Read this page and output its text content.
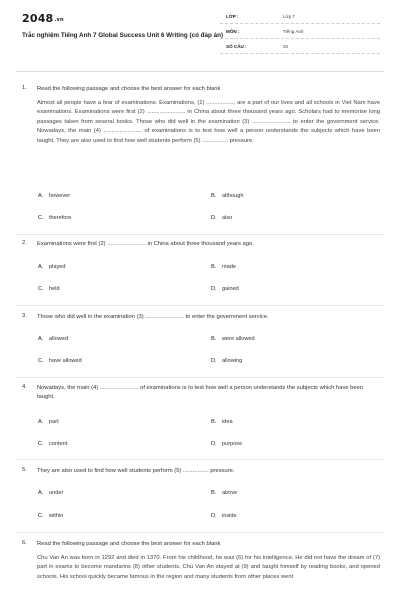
2048.vn
Trắc nghiệm Tiếng Anh 7 Global Success Unit 6 Writing (có đáp án)
LỚP :	Lớp 7
MÔN :	Tiếng Anh
SỐ CÂU :	20
1. Read the following passage and choose the best answer for each blank
Almost all people have a fear of examinations. Examinations, (1) ................., are a part of our lives and all schools in Viet Nam have examinations. Examinations were first (2) ........................ in China about three thousand years ago. Scholars had to memorise long passages taken from several books. Those who did well in the examination (3) ........................ to enter the government service. Nowadays, the main (4) ........................ of examinations is to test how well a person understands the subjects which have been taught. They are also used to find how well students perform (5) ................ pressure.
A. however	B. although
C. therefore	D. also
2. Examinations were first (2) ........................ in China about three thousand years ago.
A. played	B. made
C. held	D. gained
3. Those who did well in the examination (3) ........................ to enter the government service.
A. allowed	B. were allowed
C. have allowed	D. allowing
4. Nowadays, the main (4) ........................ of examinations is to test how well a person understands the subjects which have been taught.
A. part	B. idea
C. content	D. purpose
5. They are also used to find how well students perform (5) ................ pressure.
A. under	B. above
C. within	D. inside
6. Read the following passage and choose the best answer for each blank
Chu Van An was born in 1292 and died in 1370. From his childhood, he was (6) for his intelligence. He did not have the dream of (7) part in exams to become mandarins (8) other students. Chu Van An stayed at (9) and taught himself by reading books, and opened schools. His school quickly became famous in the region and many students from other places went
